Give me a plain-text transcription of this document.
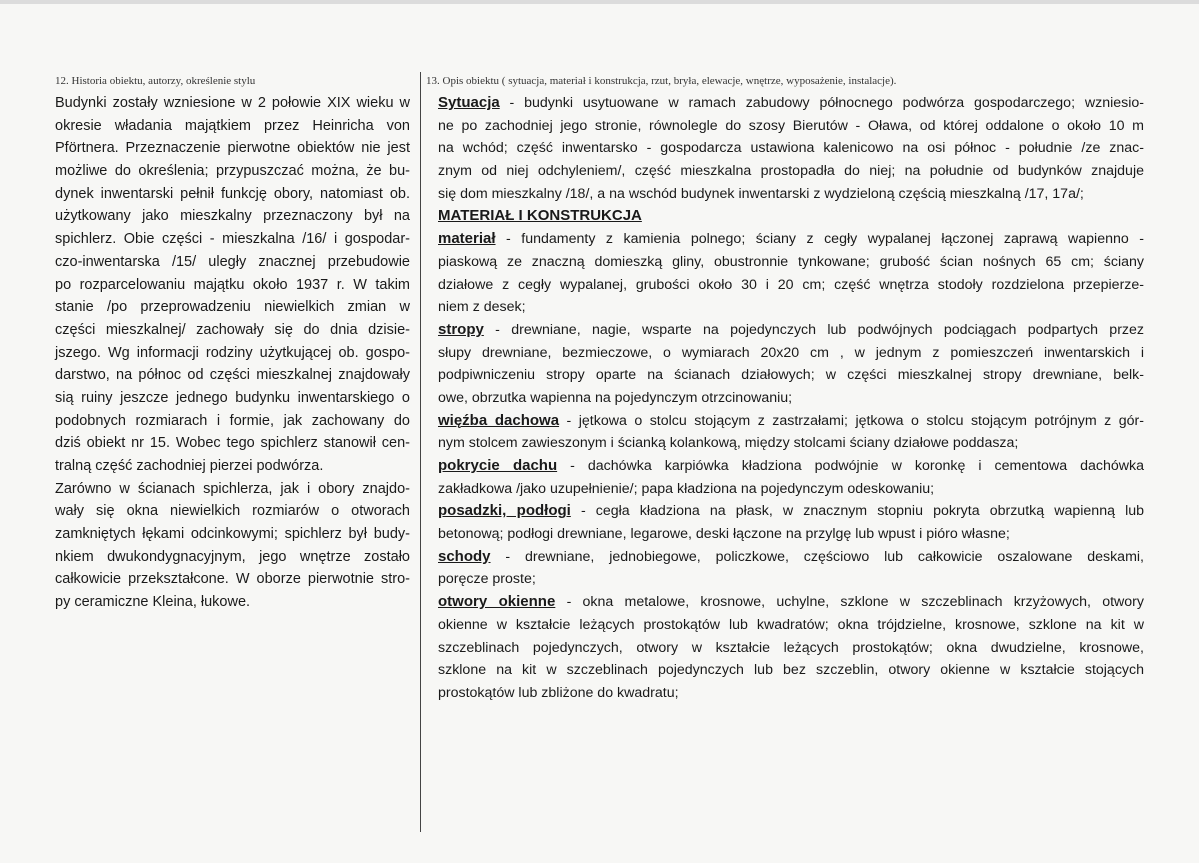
12. Historia obiektu, autorzy, określenie stylu
Budynki zostały wzniesione w 2 połowie XIX wieku w
okresie władania majątkiem przez Heinricha von
Pförtnera. Przeznaczenie pierwotne obiektów nie jest
możliwe do określenia; przypuszczać można, że bu-
dynek inwentarski pełnił funkcję obory, natomiast ob.
użytkowany jako mieszkalny przeznaczony był na
spichlerz. Obie części - mieszkalna /16/ i gospodar-
czo-inwentarska /15/ uległy znacznej przebudowie
po rozparcelowaniu majątku około 1937 r. W takim
stanie /po przeprowadzeniu niewielkich zmian w
części mieszkalnej/ zachowały się do dnia dzisie-
jszego. Wg informacji rodziny użytkującej ob. gospo-
darstwo, na północ od części mieszkalnej znajdowały
sią ruiny jeszcze jednego budynku inwentarskiego o
podobnych rozmiarach i formie, jak zachowany do
dziś obiekt nr 15. Wobec tego spichlerz stanowił cen-
tralną część zachodniej pierzei podwórza.
Zarówno w ścianach spichlerza, jak i obory znajdo-
wały się okna niewielkich rozmiarów o otworach
zamkniętych łękami odcinkowymi; spichlerz był budy-
nkiem dwukondygnacyjnym, jego wnętrze zostało
całkowicie przekształcone. W oborze pierwotnie stro-
py ceramiczne Kleina, łukowe.
13. Opis obiektu ( sytuacja, materiał i konstrukcja, rzut, bryła, elewacje, wnętrze, wyposażenie, instalacje).
Sytuacja - budynki usytuowane w ramach zabudowy północnego podwórza gospodarczego; wzniesio-
ne po zachodniej jego stronie, równolegle do szosy Bierutów - Oława, od której oddalone o około 10 m
na wchód; część inwentarsko - gospodarcza ustawiona kalenicowo na osi północ - południe /ze znac-
znym od niej odchyleniem/, część mieszkalna prostopadła do niej; na południe od budynków znajduje
się dom mieszkalny /18/, a na wschód budynek inwentarski z wydzieloną częścią mieszkalną /17, 17a/;
MATERIAŁ I KONSTRUKCJA
materiał - fundamenty z kamienia polnego; ściany z cegły wypalanej łączonej zaprawą wapienno -
piaskową ze znaczną domieszką gliny, obustronnie tynkowane; grubość ścian nośnych 65 cm; ściany
działowe z cegły wypalanej, grubości około 30 i 20 cm; część wnętrza stodoły rozdzielona przepierze-
niem z desek;
stropy - drewniane, nagie, wsparte na pojedynczych lub podwójnych podciągach podpartych przez
słupy drewniane, bezmieczowe, o wymiarach 20x20 cm , w jednym z pomieszczeń inwentarskich i
podpiwniczeniu stropy oparte na ścianach działowych; w części mieszkalnej stropy drewniane, belk-
owe, obrzutka wapienna na pojedynczym otrzcinowaniu;
więźba dachowa - jętkowa o stolcu stojącym z zastrzałami; jętkowa o stolcu stojącym potrójnym z gór-
nym stolcem zawieszonym i ścianką kolankową, między stolcami ściany działowe poddasza;
pokrycie dachu - dachówka karpiówka kładziona podwójnie w koronkę i cementowa dachówka
zakładkowa /jako uzupełnienie/; papa kładziona na pojedynczym odeskowaniu;
posadzki, podłogi - cegła kładziona na płask, w znacznym stopniu pokryta obrzutką wapienną lub
betonową; podłogi drewniane, legarowe, deski łączone na przylgę lub wpust i pióro własne;
schody - drewniane, jednobiegowe, policzkowe, częściowo lub całkowicie oszalowane deskami,
poręcze proste;
otwory okienne - okna metalowe, krosnowe, uchylne, szklone w szczeblinach krzyżowych, otwory
okienne w kształcie leżących prostokątów lub kwadratów; okna trójdzielne, krosnowe, szklone na kit w
szczeblinach pojedynczych, otwory w kształcie leżących prostokątów; okna dwudzielne, krosnowe,
szklone na kit w szczeblinach pojedynczych lub bez szczeblin, otwory okienne w kształcie stojących
prostokątów lub zbliżone do kwadratu;
